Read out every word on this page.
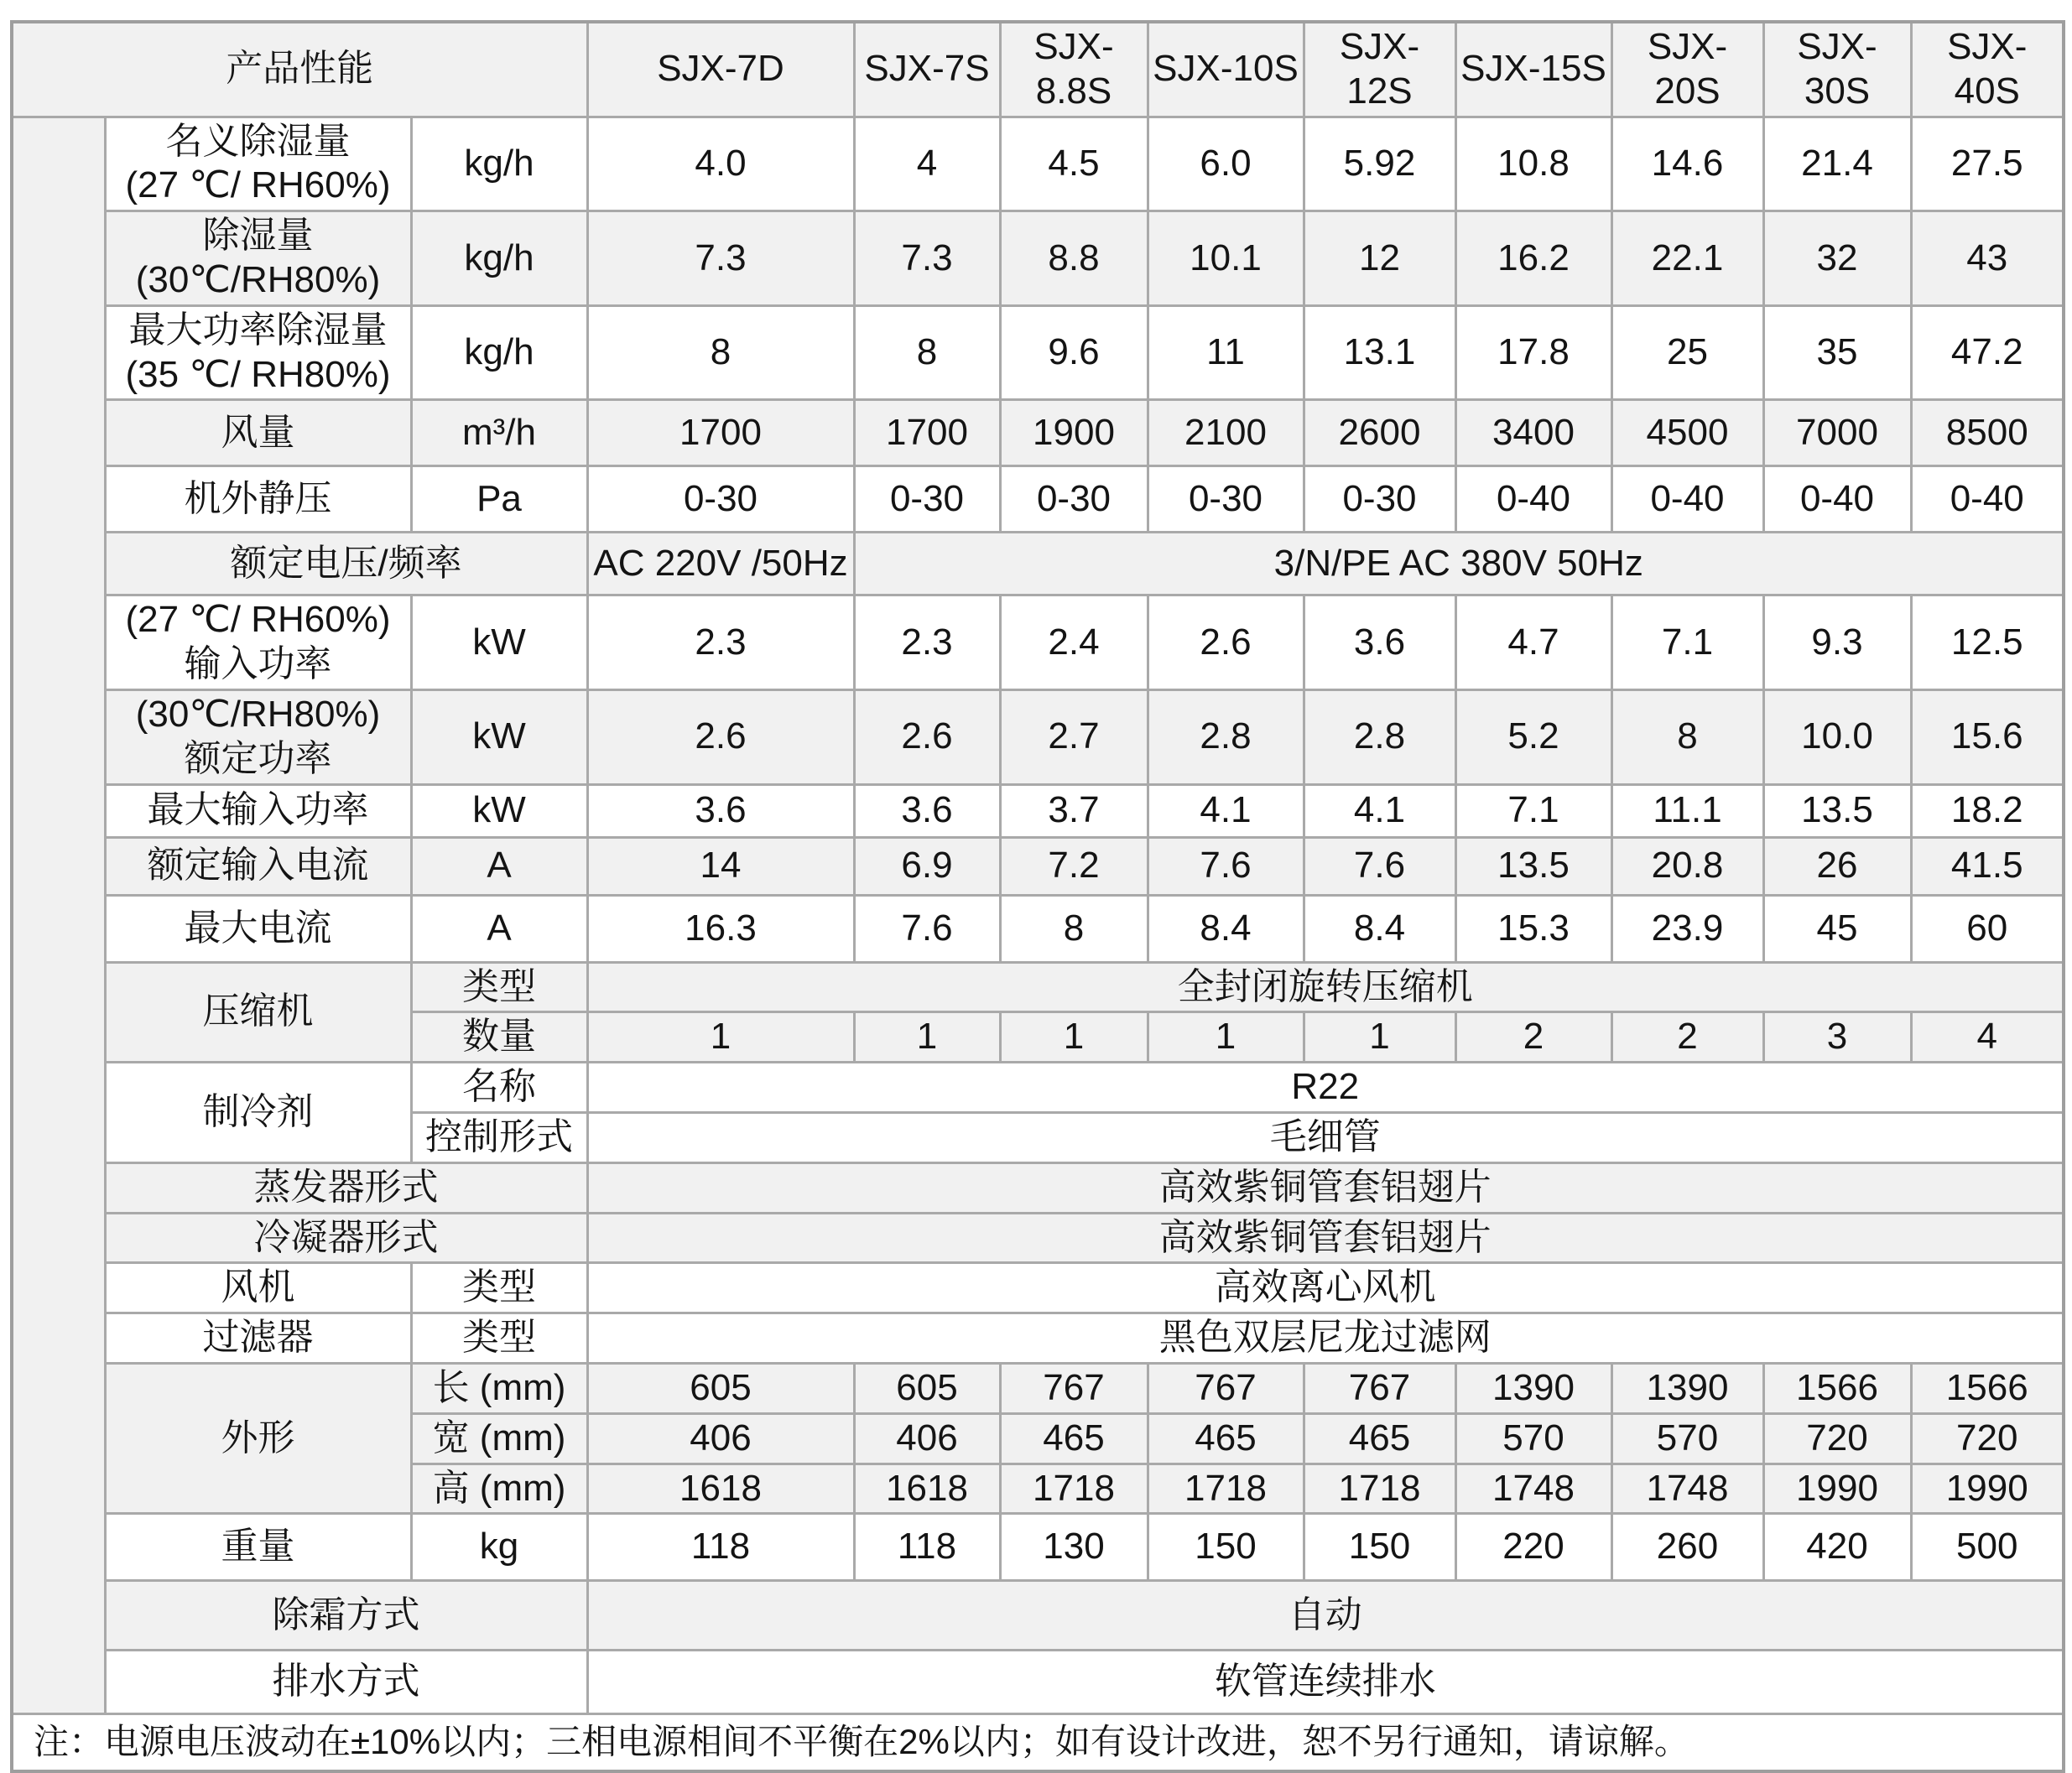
产品性能			SJX-7D	SJX-7S	SJX-8.8S	SJX-10S	SJX-12S	SJX-15S	SJX-20S	SJX-30S	SJX-40S

	名义除湿量
(27 ℃/ RH60%)	kg/h	4.0	4	4.5	6.0	5.92	10.8	14.6	21.4	27.5

	除湿量
(30℃/RH80%)	kg/h	7.3	7.3	8.8	10.1	12	16.2	22.1	32	43

	最大功率除湿量
(35 ℃/ RH80%)	kg/h	8	8	9.6	11	13.1	17.8	25	35	47.2
	风量	m³/h	1700	1700	1900	2100	2600	3400	4500	7000	8500
	机外静压	Pa	0-30	0-30	0-30	0-30	0-30	0-40	0-40	0-40	0-40
	额定电压/频率		AC 220V /50Hz	3/N/PE AC 380V 50Hz							

	(27 ℃/ RH60%)
输入功率	kW	2.3	2.3	2.4	2.6	3.6	4.7	7.1	9.3	12.5

	(30℃/RH80%)
额定功率	kW	2.6	2.6	2.7	2.8	2.8	5.2	8	10.0	15.6
	最大输入功率	kW	3.6	3.6	3.7	4.1	4.1	7.1	11.1	13.5	18.2
	额定输入电流	A	14	6.9	7.2	7.6	7.6	13.5	20.8	26	41.5
	最大电流	A	16.3	7.6	8	8.4	8.4	15.3	23.9	45	60
	压缩机	类型	全封闭旋转压缩机								
		数量	1	1	1	1	1	2	2	3	4
	制冷剂	名称	R22								
		控制形式	毛细管								
	蒸发器形式		高效紫铜管套铝翅片								
	冷凝器形式		高效紫铜管套铝翅片								
	风机	类型	高效离心风机								
	过滤器	类型	黑色双层尼龙过滤网								
	外形	长 (mm)	605	605	767	767	767	1390	1390	1566	1566
		宽 (mm)	406	406	465	465	465	570	570	720	720
		高 (mm)	1618	1618	1718	1718	1718	1748	1748	1990	1990
	重量	kg	118	118	130	150	150	220	260	420	500
	除霜方式		自动								
	排水方式		软管连续排水								
注：电源电压波动在±10%以内；三相电源相间不平衡在2%以内；如有设计改进，恕不另行通知，请谅解。											
